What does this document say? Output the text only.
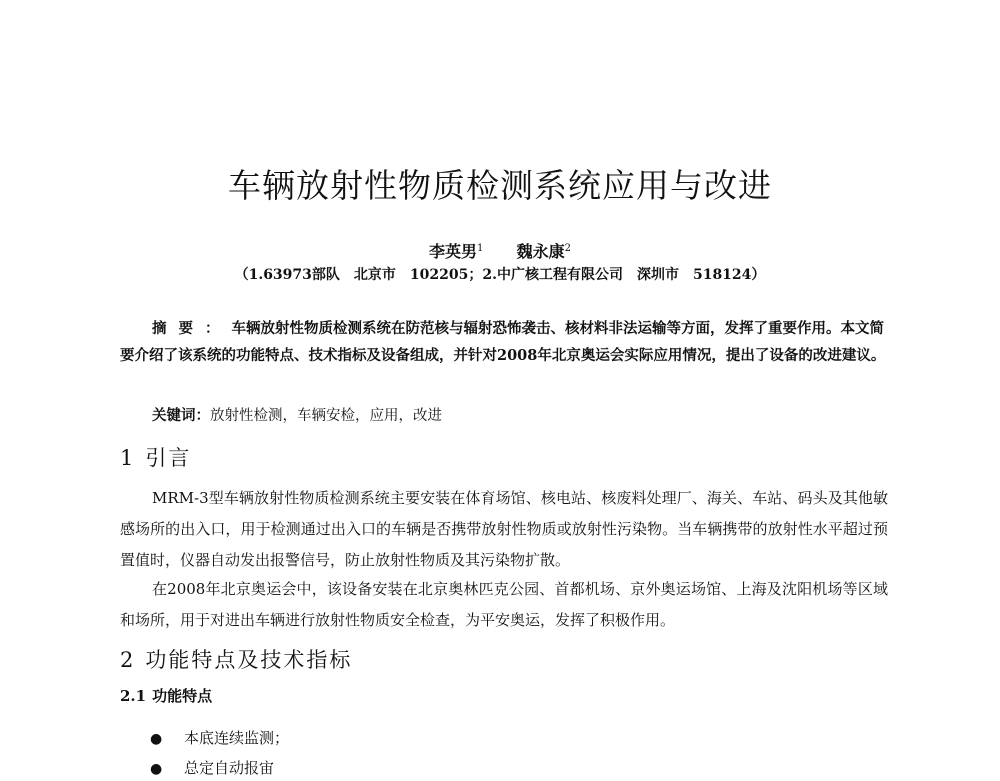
车辆放射性物质检测系统应用与改进
李英男$^1$ 魏永康$^2$
（1.63973部队　北京市　102205；2.中广核工程有限公司　深圳市　518124）
摘要：车辆放射性物质检测系统在防范核与辐射恐怖袭击、核材料非法运输等方面，发挥了重要作用。本文简要介绍了该系统的功能特点、技术指标及设备组成，并针对2008年北京奥运会实际应用情况，提出了设备的改进建议。
关键词：放射性检测，车辆安检，应用，改进
1 引言
MRM-3型车辆放射性物质检测系统主要安装在体育场馆、核电站、核废料处理厂、海关、车站、码头及其他敏感场所的出入口，用于检测通过出入口的车辆是否携带放射性物质或放射性污染物。当车辆携带的放射性水平超过预置值时，仪器自动发出报警信号，防止放射性物质及其污染物扩散。
在2008年北京奥运会中，该设备安装在北京奥林匹克公园、首都机场、京外奥运场馆、上海及沈阳机场等区域和场所，用于对进出车辆进行放射性物质安全检查，为平安奥运，发挥了积极作用。
2 功能特点及技术指标
2.1 功能特点
● 本底连续监测；
● 总定自动报宙
